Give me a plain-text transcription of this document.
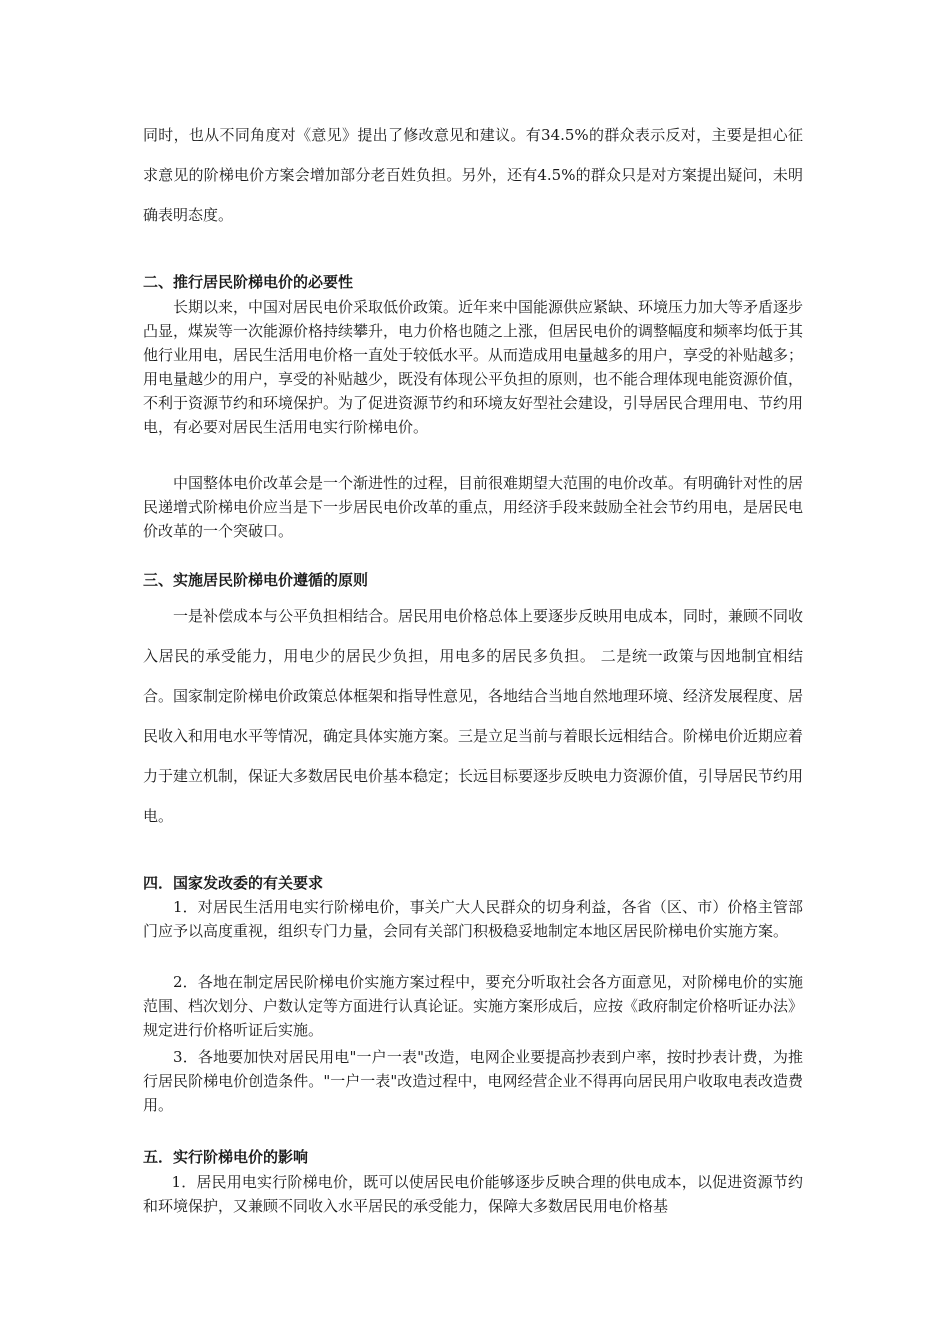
同时，也从不同角度对《意见》提出了修改意见和建议。有34.5%的群众表示反对，主要是担心征求意见的阶梯电价方案会增加部分老百姓负担。另外，还有4.5%的群众只是对方案提出疑问，未明确表明态度。

二、推行居民阶梯电价的必要性

长期以来，中国对居民电价采取低价政策。近年来中国能源供应紧缺、环境压力加大等矛盾逐步凸显，煤炭等一次能源价格持续攀升，电力价格也随之上涨，但居民电价的调整幅度和频率均低于其他行业用电，居民生活用电价格一直处于较低水平。从而造成用电量越多的用户，享受的补贴越多；用电量越少的用户，享受的补贴越少，既没有体现公平负担的原则，也不能合理体现电能资源价值，不利于资源节约和环境保护。为了促进资源节约和环境友好型社会建设，引导居民合理用电、节约用电，有必要对居民生活用电实行阶梯电价。

中国整体电价改革会是一个渐进性的过程，目前很难期望大范围的电价改革。有明确针对性的居民递增式阶梯电价应当是下一步居民电价改革的重点，用经济手段来鼓励全社会节约用电，是居民电价改革的一个突破口。

三、实施居民阶梯电价遵循的原则

一是补偿成本与公平负担相结合。居民用电价格总体上要逐步反映用电成本，同时，兼顾不同收入居民的承受能力，用电少的居民少负担，用电多的居民多负担。 二是统一政策与因地制宜相结合。国家制定阶梯电价政策总体框架和指导性意见，各地结合当地自然地理环境、经济发展程度、居民收入和用电水平等情况，确定具体实施方案。三是立足当前与着眼长远相结合。阶梯电价近期应着力于建立机制，保证大多数居民电价基本稳定；长远目标要逐步反映电力资源价值，引导居民节约用电。

四．国家发改委的有关要求

1．对居民生活用电实行阶梯电价，事关广大人民群众的切身利益，各省（区、市）价格主管部门应予以高度重视，组织专门力量，会同有关部门积极稳妥地制定本地区居民阶梯电价实施方案。

2．各地在制定居民阶梯电价实施方案过程中，要充分听取社会各方面意见，对阶梯电价的实施范围、档次划分、户数认定等方面进行认真论证。实施方案形成后，应按《政府制定价格听证办法》规定进行价格听证后实施。

3．各地要加快对居民用电"一户一表"改造，电网企业要提高抄表到户率，按时抄表计费，为推行居民阶梯电价创造条件。"一户一表"改造过程中，电网经营企业不得再向居民用户收取电表改造费用。

五．实行阶梯电价的影响

1．居民用电实行阶梯电价，既可以使居民电价能够逐步反映合理的供电成本，以促进资源节约和环境保护，又兼顾不同收入水平居民的承受能力，保障大多数居民用电价格基
